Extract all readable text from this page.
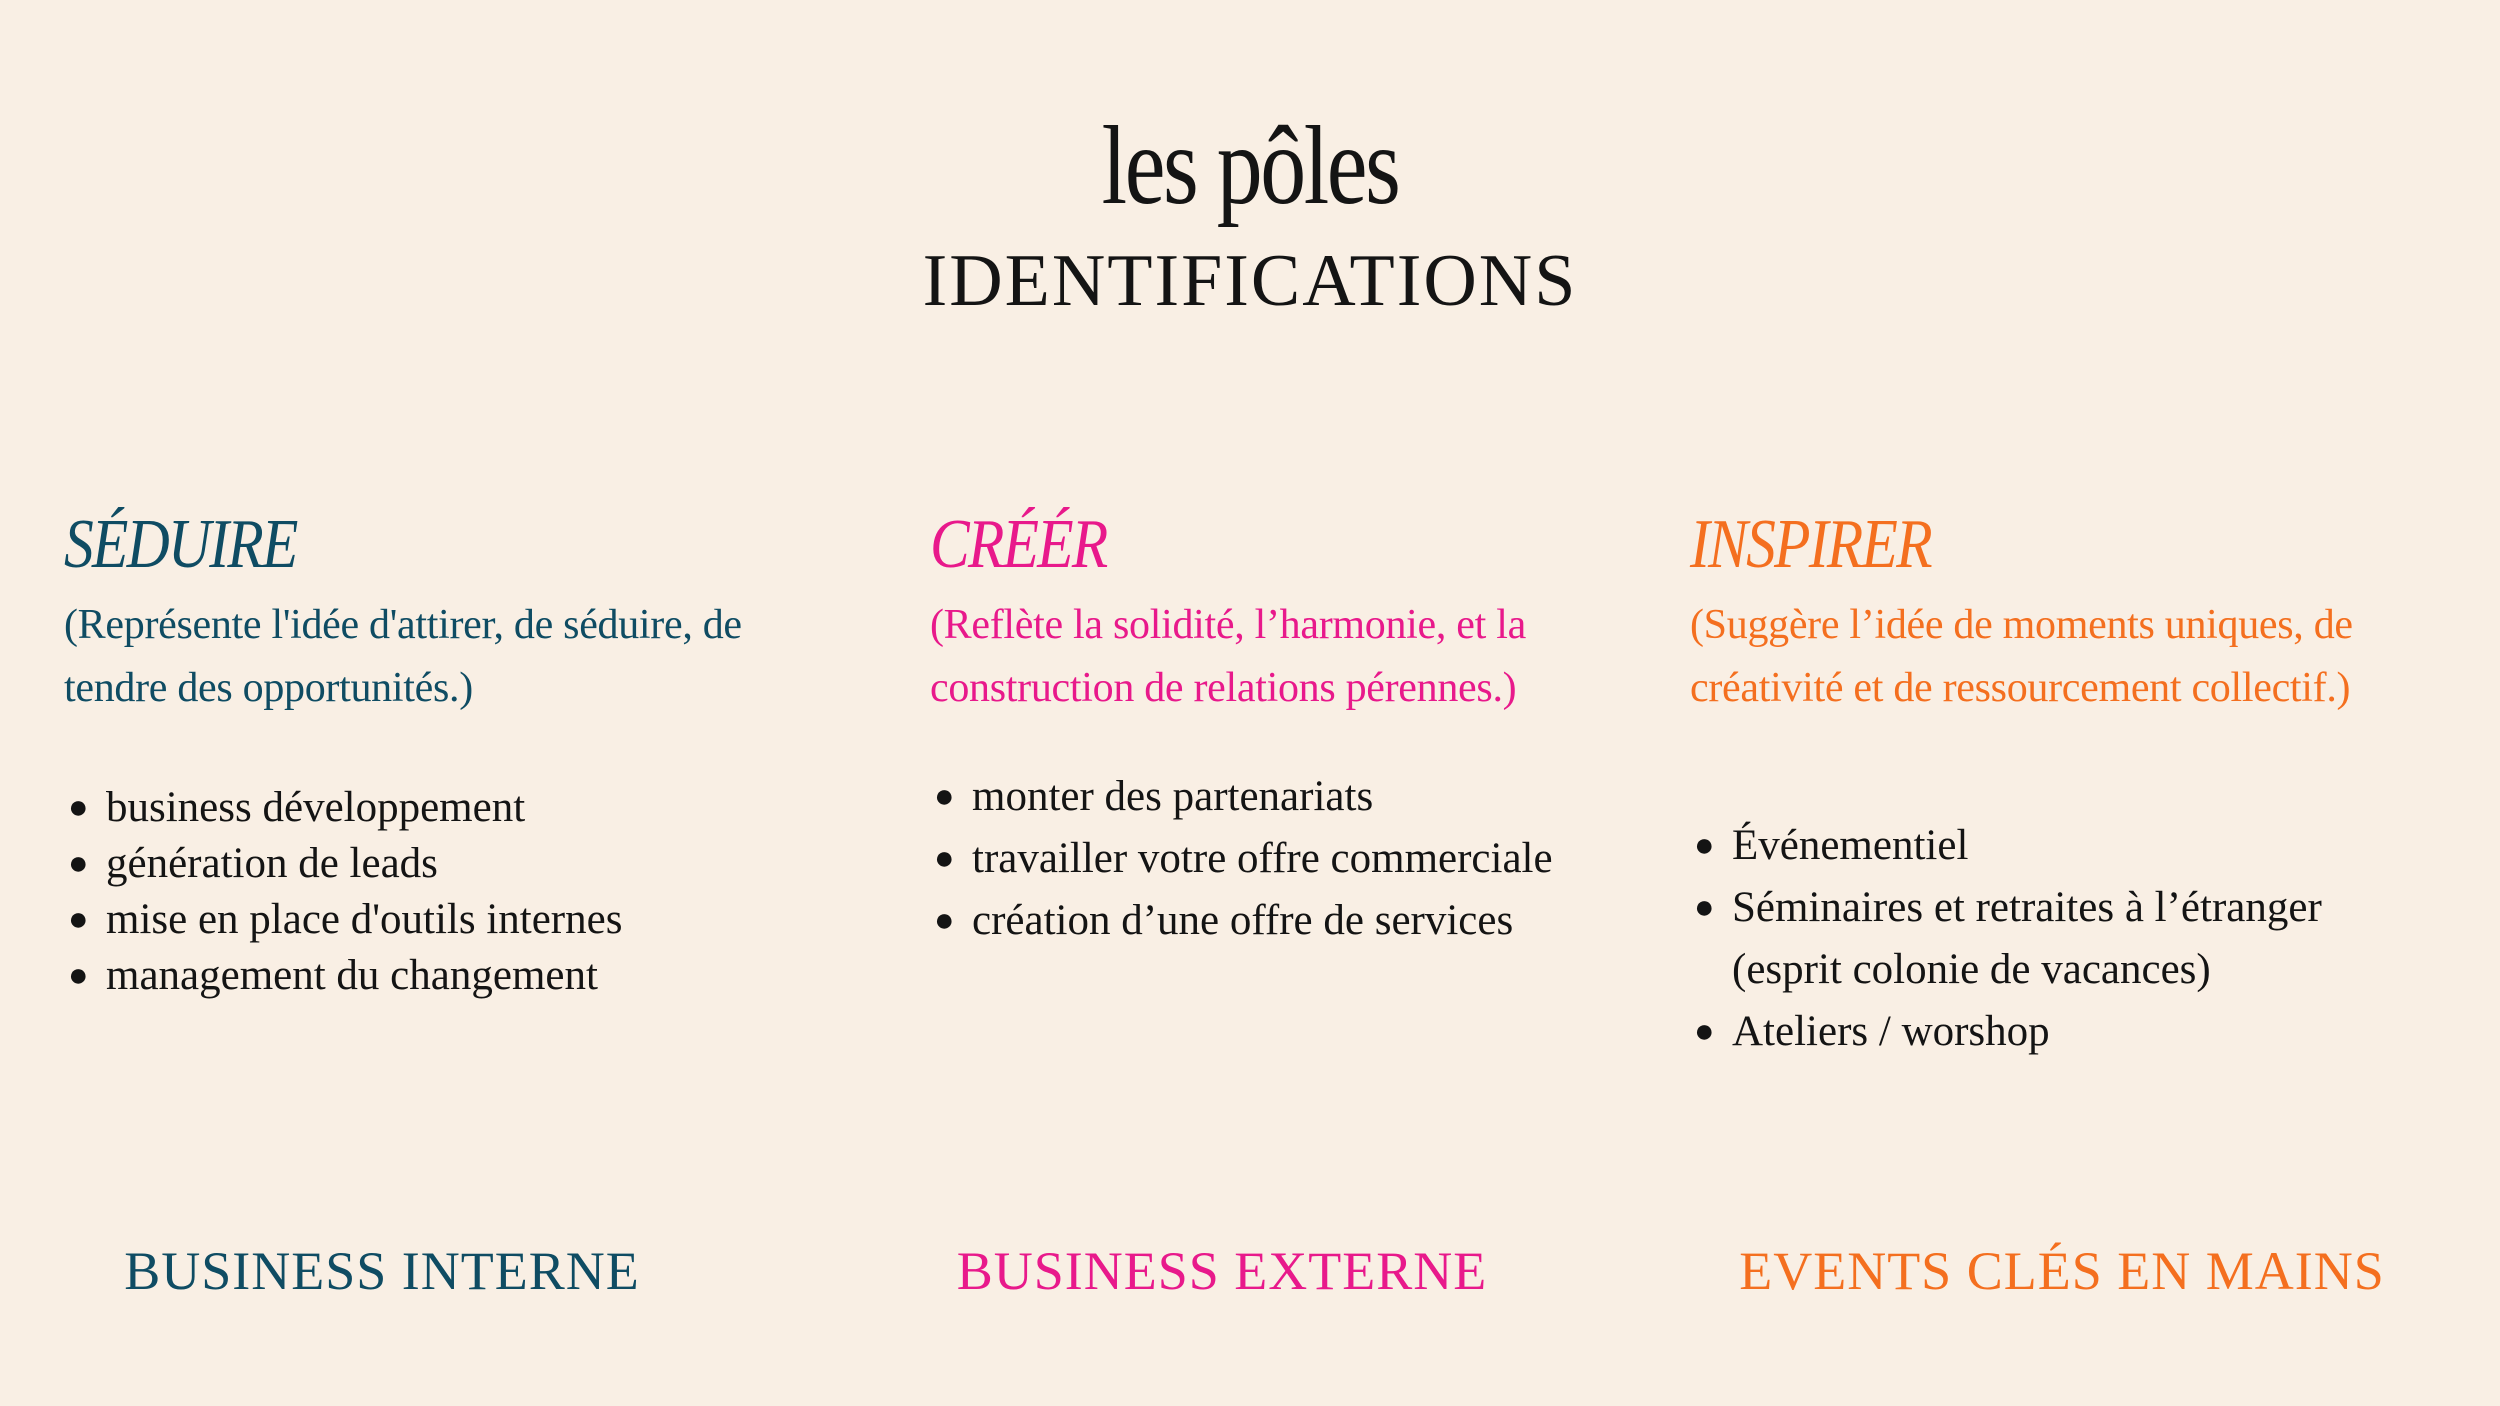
les pôles
IDENTIFICATIONS
SÉDUIRE
(Représente l'idée d'attirer, de séduire, de
tendre des opportunités.)
● business développement
● génération de leads
● mise en place d'outils internes
● management du changement
CRÉÉR
(Reflète la solidité, l’harmonie, et la
construction de relations pérennes.)
● monter des partenariats
● travailler votre offre commerciale
● création d’une offre de services
INSPIRER
(Suggère l’idée de moments uniques, de
créativité et de ressourcement collectif.)
● Événementiel
● Séminaires et retraites à l’étranger
(esprit colonie de vacances)
● Ateliers / worshop
BUSINESS INTERNE	BUSINESS EXTERNE	EVENTS CLÉS EN MAINS
